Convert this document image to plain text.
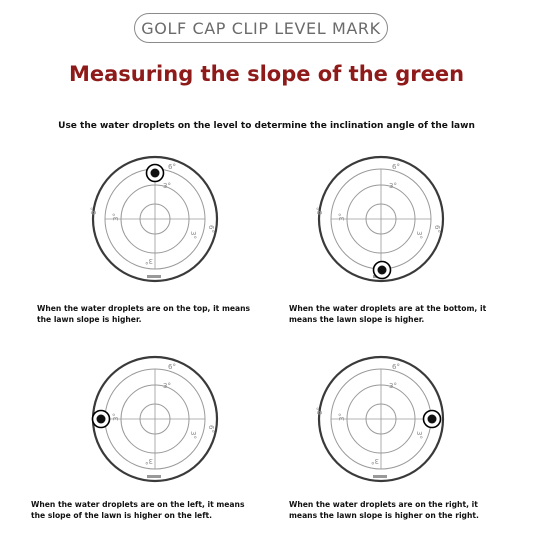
GOLF CAP CLIP LEVEL MARK
Measuring the slope of the green
Use the water droplets on the level to determine the inclination angle of the lawn
6°
3°
6°
3°
3°
6°
3°
6°
3°
6°
3°
3°
6°
6°
3°
3°
3°
6°
3°
6°
3°
6°
3°
3°
3°
When the water droplets are on the top, it means the lawn slope is higher.
When the water droplets are at the bottom, it means the lawn slope is higher.
When the water droplets are on the left, it means the slope of the lawn is higher on the left.
When the water droplets are on the right, it means the lawn slope is higher on the right.
